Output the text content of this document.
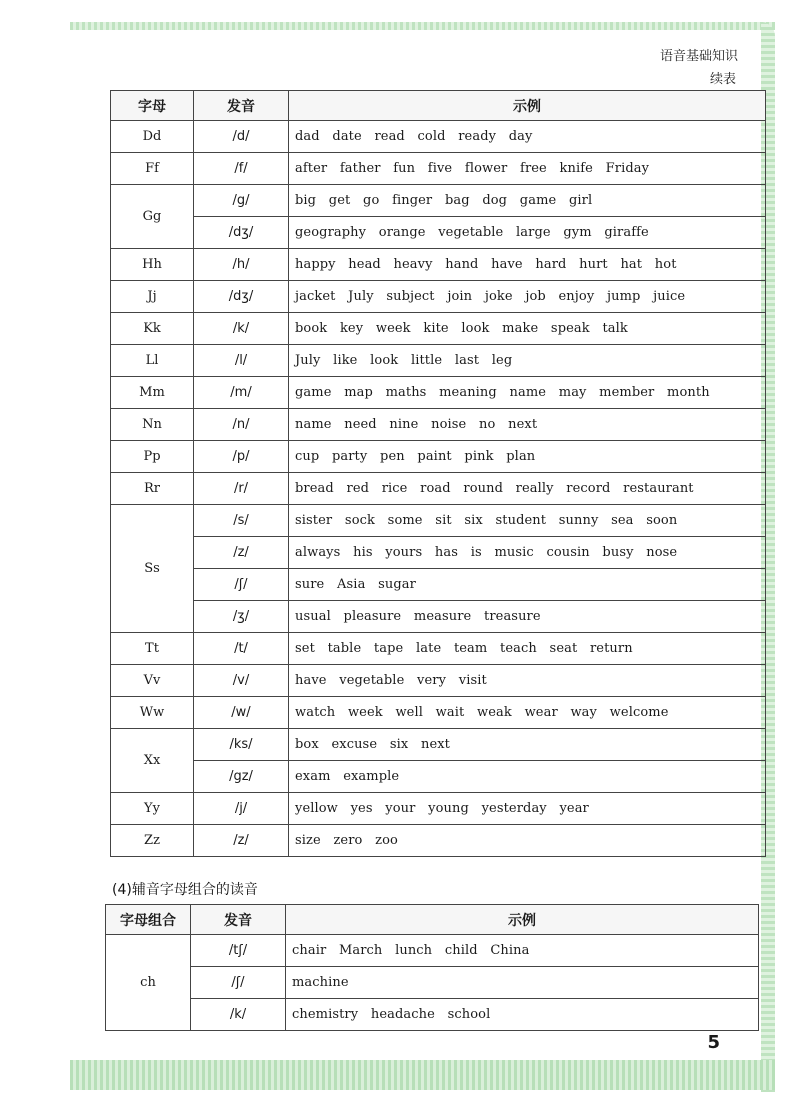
语音基础知识
续表
字母	发音	示例
Dd	/d/	dad   date   read   cold   ready   day
Ff	/f/	after   father   fun   five   flower   free   knife   Friday
Gg	/g/	big   get   go   finger   bag   dog   game   girl
	/dʒ/	geography   orange   vegetable   large   gym   giraffe
Hh	/h/	happy   head   heavy   hand   have   hard   hurt   hat   hot
Jj	/dʒ/	jacket   July   subject   join   joke   job   enjoy   jump   juice
Kk	/k/	book   key   week   kite   look   make   speak   talk
Ll	/l/	July   like   look   little   last   leg
Mm	/m/	game   map   maths   meaning   name   may   member   month
Nn	/n/	name   need   nine   noise   no   next
Pp	/p/	cup   party   pen   paint   pink   plan
Rr	/r/	bread   red   rice   road   round   really   record   restaurant
Ss	/s/	sister   sock   some   sit   six   student   sunny   sea   soon
	/z/	always   his   yours   has   is   music   cousin   busy   nose
	/ʃ/	sure   Asia   sugar
	/ʒ/	usual   pleasure   measure   treasure
Tt	/t/	set   table   tape   late   team   teach   seat   return
Vv	/v/	have   vegetable   very   visit
Ww	/w/	watch   week   well   wait   weak   wear   way   welcome
Xx	/ks/	box   excuse   six   next
	/gz/	exam   example
Yy	/j/	yellow   yes   your   young   yesterday   year
Zz	/z/	size   zero   zoo
(4)辅音字母组合的读音
字母组合	发音	示例
ch	/tʃ/	chair   March   lunch   child   China
	/ʃ/	machine
	/k/	chemistry   headache   school
5
